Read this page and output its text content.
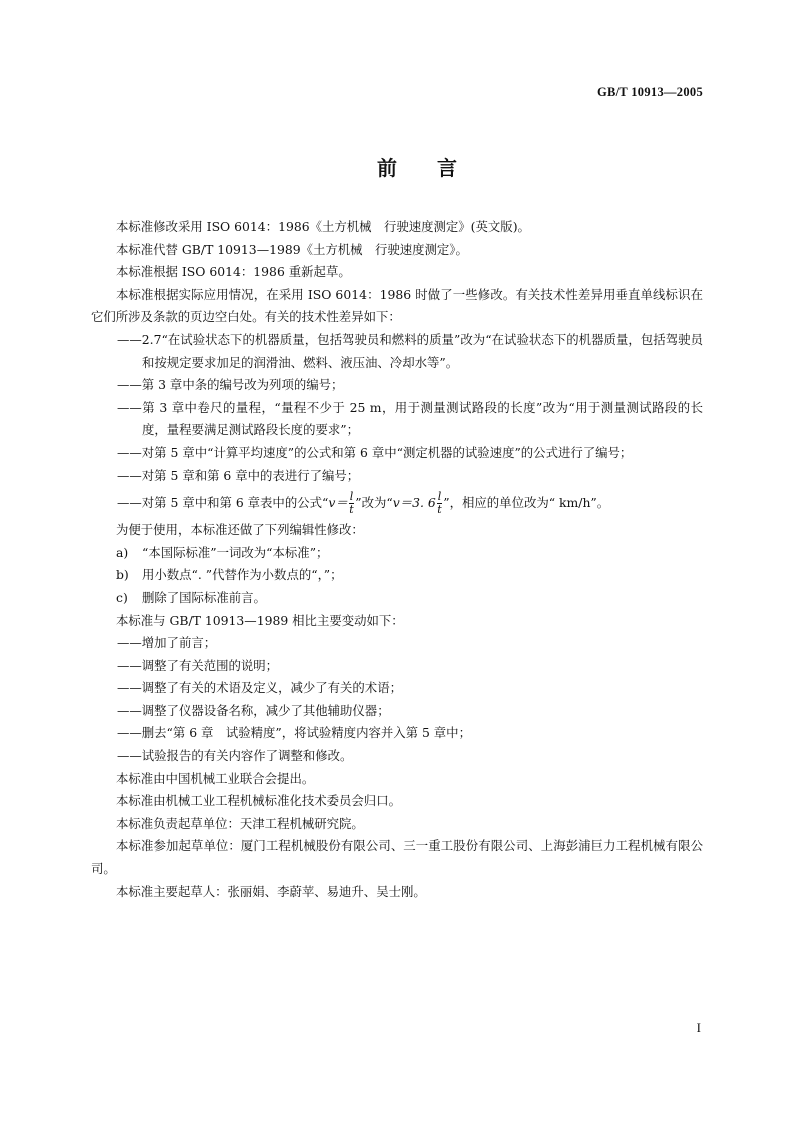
GB/T 10913—2005
前言

本标准修改采用 ISO 6014：1986《土方机械　行驶速度测定》(英文版)。

本标准代替 GB/T 10913—1989《土方机械　行驶速度测定》。

本标准根据 ISO 6014：1986 重新起草。

本标准根据实际应用情况，在采用 ISO 6014：1986 时做了一些修改。有关技术性差异用垂直单线标识在它们所涉及条款的页边空白处。有关的技术性差异如下：

——2.7“在试验状态下的机器质量，包括驾驶员和燃料的质量”改为“在试验状态下的机器质量，包括驾驶员和按规定要求加足的润滑油、燃料、液压油、冷却水等”。

——第 3 章中条的编号改为列项的编号；

——第 3 章中卷尺的量程，“量程不少于 25 m，用于测量测试路段的长度”改为“用于测量测试路段的长度，量程要满足测试路段长度的要求”；

——对第 5 章中“计算平均速度”的公式和第 6 章中“测定机器的试验速度”的公式进行了编号；

——对第 5 章和第 6 章中的表进行了编号；

——对第 5 章中和第 6 章表中的公式“$v= \frac{l}{t}$ ”改为“v＝3. $6 \frac{l}{t}$ ”，相应的单位改为“ km/h”。

为便于使用，本标准还做了下列编辑性修改：

a) “本国际标准”一词改为“本标准”；

b) 用小数点“. ”代替作为小数点的“，”；

c) 删除了国际标准前言。

本标准与 GB/T 10913—1989 相比主要变动如下：

——增加了前言；

——调整了有关范围的说明；

——调整了有关的术语及定义，减少了有关的术语；

——调整了仪器设备名称，减少了其他辅助仪器；

——删去“第 6 章　试验精度”，将试验精度内容并入第 5 章中；

——试验报告的有关内容作了调整和修改。

本标准由中国机械工业联合会提出。

本标准由机械工业工程机械标准化技术委员会归口。

本标准负责起草单位：天津工程机械研究院。

本标准参加起草单位：厦门工程机械股份有限公司、三一重工股份有限公司、上海彭浦巨力工程机械有限公司。

本标准主要起草人：张丽娟、李蔚苹、易迪升、吴士刚。

I
